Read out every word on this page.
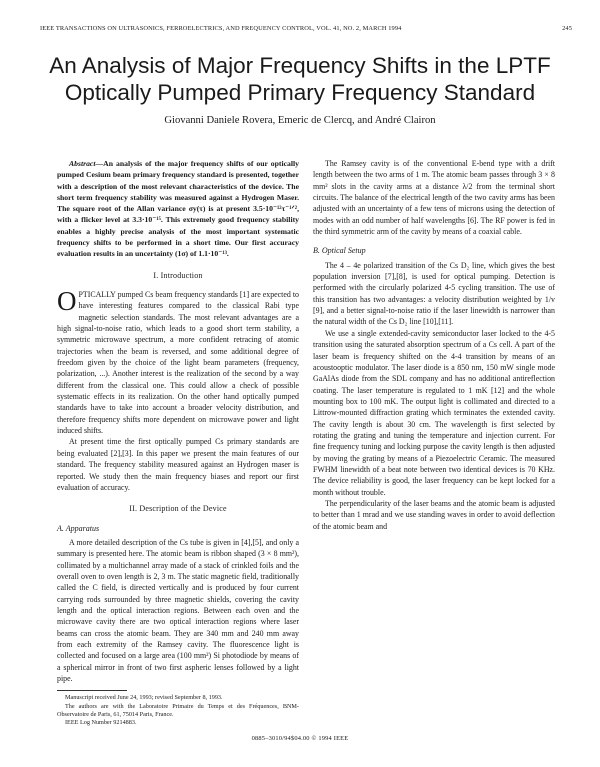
IEEE TRANSACTIONS ON ULTRASONICS, FERROELECTRICS, AND FREQUENCY CONTROL, VOL. 41, NO. 2, MARCH 1994	245
An Analysis of Major Frequency Shifts in the LPTF
Optically Pumped Primary Frequency Standard
Giovanni Daniele Rovera, Emeric de Clercq, and André Clairon

Abstract—An analysis of the major frequency shifts of our optically pumped Cesium beam primary frequency standard is presented, together with a description of the most relevant characteristics of the device. The short term frequency stability was measured against a Hydrogen Maser. The square root of the Allan variance σy(τ) is at present 3.5·10⁻¹²τ⁻¹ᐟ², with a flicker level at 3.3·10⁻¹⁵. This extremely good frequency stability enables a highly precise analysis of the most important systematic frequency shifts to be performed in a short time. Our first accuracy evaluation results in an uncertainty (1σ) of 1.1·10⁻¹³.

I. Introduction

OPTICALLY pumped Cs beam frequency standards [1] are expected to have interesting features compared to the classical Rabi type magnetic selection standards. The most relevant advantages are a high signal-to-noise ratio, which leads to a good short term stability, a symmetric microwave spectrum, a more confident retracing of atomic trajectories when the beam is reversed, and some additional degree of freedom given by the choice of the light beam parameters (frequency, polarization, ...). Another interest is the realization of the second by a way different from the classical one. This could allow a check of possible systematic effects in its realization. On the other hand optically pumped standards have to take into account a broader velocity distribution, and therefore frequency shifts more dependent on microwave power and light induced shifts.

At present time the first optically pumped Cs primary standards are being evaluated [2],[3]. In this paper we present the main features of our standard. The frequency stability measured against an Hydrogen maser is reported. We study then the main frequency biases and report our first evaluation of accuracy.

II. Description of the Device
A. Apparatus

A more detailed description of the Cs tube is given in [4],[5], and only a summary is presented here. The atomic beam is ribbon shaped (3 × 8 mm²), collimated by a multichannel array made of a stack of crinkled foils and the overall oven to oven length is 2, 3 m. The static magnetic field, traditionally called the C field, is directed vertically and is produced by four current carrying rods surrounded by three magnetic shields, covering the cavity length and the optical interaction regions. Between each oven and the microwave cavity there are two optical interaction regions where laser beams can cross the atomic beam. They are 340 mm and 240 mm away from each extremity of the Ramsey cavity. The fluorescence light is collected and focused on a large area (100 mm²) Si photodiode by means of a spherical mirror in front of two first aspheric lenses followed by a light pipe.

Manuscript received June 24, 1993; revised September 8, 1993.
The authors are with the Laboratoire Primaire du Temps et des Fréquences, BNM-Observatoire de Paris, 61, 75014 Paris, France.
IEEE Log Number 9214883.

The Ramsey cavity is of the conventional E-bend type with a drift length between the two arms of 1 m. The atomic beam passes through 3 × 8 mm² slots in the cavity arms at a distance λ/2 from the terminal short circuits. The balance of the electrical length of the two cavity arms has been adjusted with an uncertainty of a few tens of microns using the detection of modes with an odd number of half wavelengths [6]. The RF power is fed in the third symmetric arm of the cavity by means of a coaxial cable.

B. Optical Setup

The 4 – 4e polarized transition of the Cs D₂ line, which gives the best population inversion [7],[8], is used for optical pumping. Detection is performed with the circularly polarized 4-5 cycling transition. The use of this transition has two advantages: a velocity distribution weighted by 1/v [9], and a better signal-to-noise ratio if the laser linewidth is narrower than the natural width of the Cs D₂ line [10],[11].

We use a single extended-cavity semiconductor laser locked to the 4-5 transition using the saturated absorption spectrum of a Cs cell. A part of the laser beam is frequency shifted on the 4-4 transition by means of an acoustooptic modulator. The laser diode is a 850 nm, 150 mW single mode GaAlAs diode from the SDL company and has no additional antireflection coating. The laser temperature is regulated to 1 mK [12] and the whole mounting box to 100 mK. The output light is collimated and directed to a Littrow-mounted diffraction grating which terminates the extended cavity. The cavity length is about 30 cm. The wavelength is first selected by rotating the grating and tuning the temperature and injection current. For fine frequency tuning and locking purpose the cavity length is then adjusted by moving the grating by means of a Piezoelectric Ceramic. The measured FWHM linewidth of a beat note between two identical devices is 70 KHz. The device reliability is good, the laser frequency can be kept locked for a month without trouble.

The perpendicularity of the laser beams and the atomic beam is adjusted to better than 1 mrad and we use standing waves in order to avoid deflection of the atomic beam and

0885–3010/94$04.00 © 1994 IEEE
